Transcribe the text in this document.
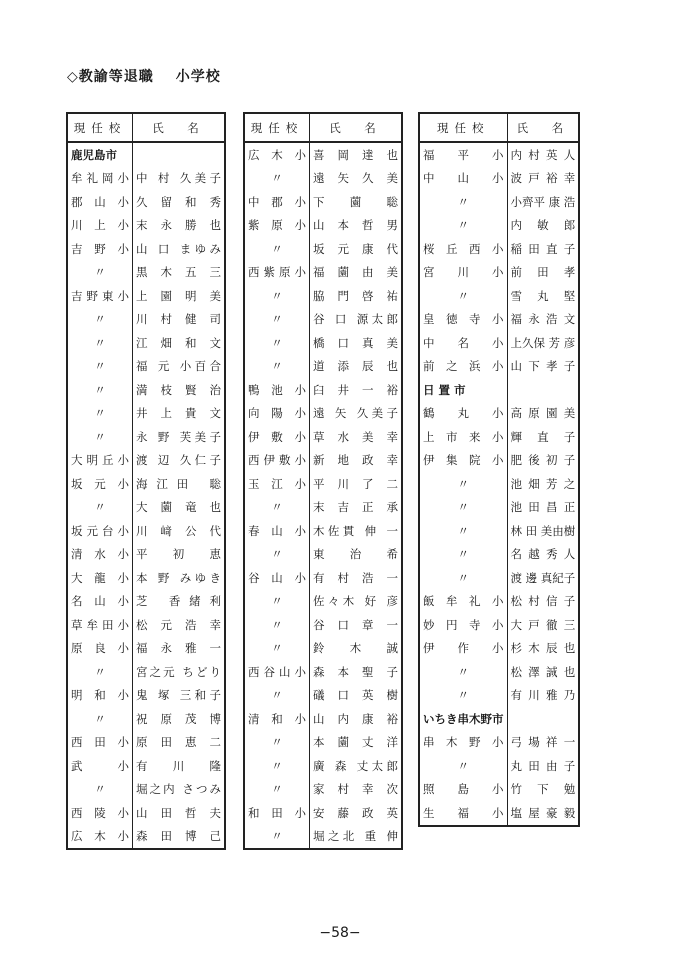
◇教諭等退職 小学校
現任校	氏　名
鹿児島市	
牟礼岡小	中 村 久美子
郡 山 小	久 留 和 秀
川 上 小	末 永 勝 也
吉 野 小	山 口 まゆみ
〃	黒 木 五 三
吉野東小	上 園 明 美
〃	川 村 健 司
〃	江 畑 和 文
〃	福 元 小百合
〃	満 枝 賢 治
〃	井 上 貴 文
〃	永 野 芙美子
大明丘小	渡 辺 久仁子
坂 元 小	海江田 聡
〃	大 薗 竜 也
坂元台小	川 﨑 公 代
清 水 小	平 初 恵
大 龍 小	本 野 みゆき
名 山 小	芝 香緒利
草牟田小	松 元 浩 幸
原 良 小	福 永 雅 一
〃	宮之元 ちどり
明 和 小	鬼 塚 三和子
〃	祝 原 茂 博
西 田 小	原 田 恵 二
武 小	有 川 隆
〃	堀之内 さつみ
西 陵 小	山 田 哲 夫
広 木 小	森 田 博 己
現任校	氏　名
広 木 小	喜 岡 達 也
〃	遠 矢 久 美
中 郡 小	下 薗 聡
紫 原 小	山 本 哲 男
〃	坂 元 康 代
西紫原小	福 薗 由 美
〃	脇 門 啓 祐
〃	谷 口 源太郎
〃	橋 口 真 美
〃	道 添 辰 也
鴨 池 小	臼 井 一 裕
向 陽 小	遠 矢 久美子
伊 敷 小	草 水 美 幸
西伊敷小	新 地 政 幸
玉 江 小	平 川 了 二
〃	末 吉 正 承
春 山 小	木佐貫 伸 一
〃	東 治 希
谷 山 小	有 村 浩 一
〃	佐々木 好 彦
〃	谷 口 章 一
〃	鈴 木 誠
西谷山小	森 本 聖 子
〃	礒 口 英 樹
清 和 小	山 内 康 裕
〃	本 薗 丈 洋
〃	廣 森 丈太郎
〃	家 村 幸 次
和 田 小	安 藤 政 英
〃	堀之北 重 伸
現任校	氏　名
福 平 小	内 村 英 人
中 山 小	波 戸 裕 幸
〃	小齊平 康 浩
〃	内 敏 郎
桜丘西小	稲 田 直 子
宮 川 小	前 田 孝
〃	雪 丸 堅
皇徳寺小	福 永 浩 文
中 名 小	上久保 芳 彦
前之浜小	山 下 孝 子
日 置 市	
鶴 丸 小	高 原 園 美
上市来小	輝 直 子
伊集院小	肥 後 初 子
〃	池 畑 芳 之
〃	池 田 昌 正
〃	林 田 美由樹
〃	名 越 秀 人
〃	渡 邊 真紀子
飯牟礼小	松 村 信 子
妙円寺小	大 戸 徹 三
伊 作 小	杉 木 辰 也
〃	松 澤 誠 也
〃	有 川 雅 乃
いちき串木野市	
串木野小	弓 場 祥 一
〃	丸 田 由 子
照 島 小	竹 下 勉
生 福 小	塩 屋 豪 毅
−58−
